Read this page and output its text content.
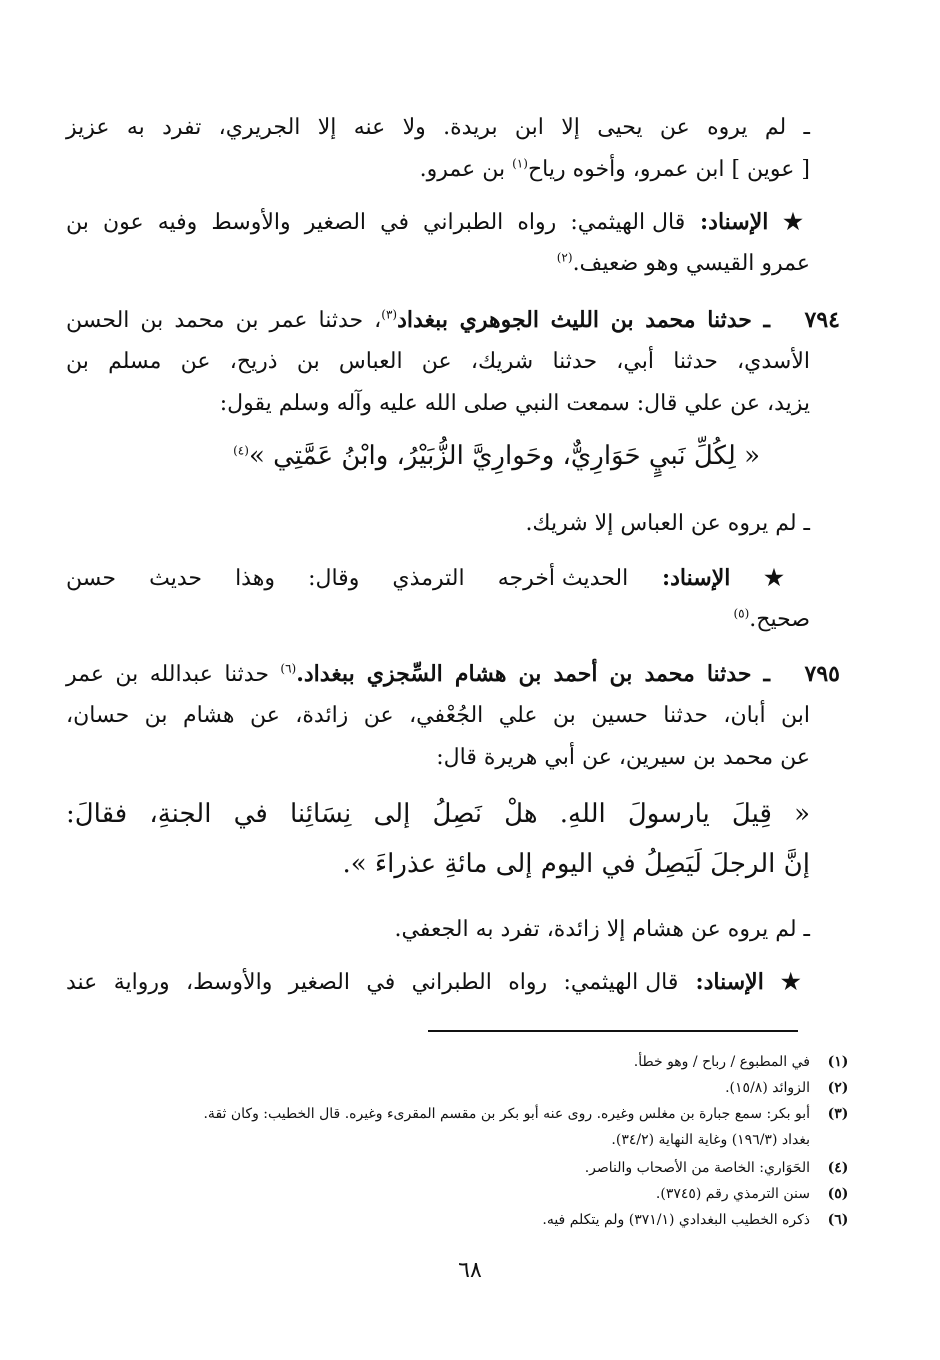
ـ لم يروه عن يحيى إلا ابن بريدة. ولا عنه إلا الجريري، تفرد به عزيز
[ عوين ] ابن عمرو، وأخوه رياح$^{(١)}$ بن عمرو.
★ الإسناد: قال الهيثمي: رواه الطبراني في الصغير والأوسط وفيه عون بن
عمرو القيسي وهو ضعيف.$^{(٢)}$
٧٩٤
ـ حدثنا محمد بن الليث الجوهري ببغداد$^{(٣)}$، حدثنا عمر بن محمد بن الحسن
الأسدي، حدثنا أبي، حدثنا شريك، عن العباس بن ذريح، عن مسلم بن
يزيد، عن علي قال: سمعت النبي صلى الله عليه وآله وسلم يقول:
« لِكُلِّ نَبيٍ حَوَارِيٌّ، وحَوارِيَّ الزُّبَيْرُ، وابْنُ عَمَّتِي »$^{(٤)}$
ـ لم يروه عن العباس إلا شريك.
★ الإسناد: الحديث أخرجه الترمذي وقال: وهذا حديث حسن
صحيح.$^{(٥)}$
٧٩٥
ـ حدثنا محمد بن أحمد بن هشام السِّجزي ببغداد.$^{(٦)}$ حدثنا عبدالله بن عمر
ابن أبان، حدثنا حسين بن علي الجُعْفي، عن زائدة، عن هشام بن حسان،
عن محمد بن سيرين، عن أبي هريرة قال:
« قِيلَ يارسولَ اللهِ. هلْ نَصِلُ إلى نِسَائِنا في الجنةِ، فقالَ:
إنَّ الرجلَ لَيَصِلُ في اليوم إلى مائةِ عذراءَ ».
ـ لم يروه عن هشام إلا زائدة، تفرد به الجعفي.
★ الإسناد: قال الهيثمي: رواه الطبراني في الصغير والأوسط، ورواية عند
(١)
في المطبوع / رباح / وهو خطأ.
(٢)
الزوائد (١٥/٨).
(٣)
أبو بكر: سمع جبارة بن مغلس وغيره. روى عنه أبو بكر بن مقسم المقرىء وغيره. قال الخطيب: وكان ثقة.
بغداد (١٩٦/٣) وغاية النهاية (٣٤/٢).
(٤)
الحَوَاري: الخاصة من الأصحاب والناصر.
(٥)
سنن الترمذي رقم (٣٧٤٥).
(٦)
ذكره الخطيب البغدادي (٣٧١/١) ولم يتكلم فيه.
٦٨
